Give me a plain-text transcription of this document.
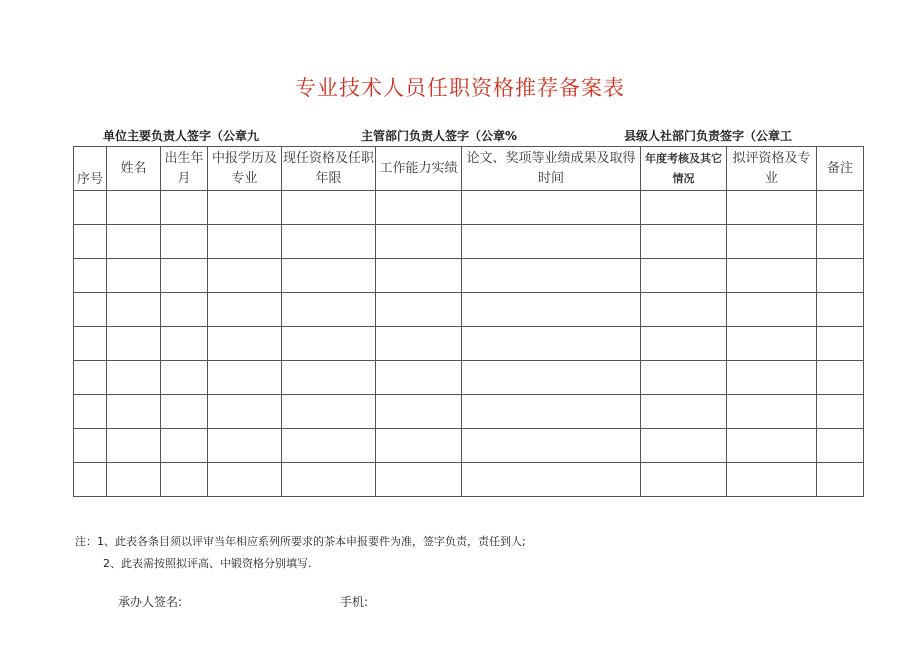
专业技术人员任职资格推荐备案表
单位主要负责人签字（公章九	主管部门负责人签字（公章%	县级人社部门负责签字（公章工
序号	姓名	出生年月	中报学历及专业	现任资格及任职年限	工作能力实绩	论文、奖项等业绩成果及取得时间	年度考核及其它情况	拟评资格及专业	备注

注：1、此表各条目须以评审当年相应系列所要求的茶本申报要件为准，签字负责，责任到人;
2、此表需按照拟评高、中锻资格分别填写.
承办人签名:	手机:
